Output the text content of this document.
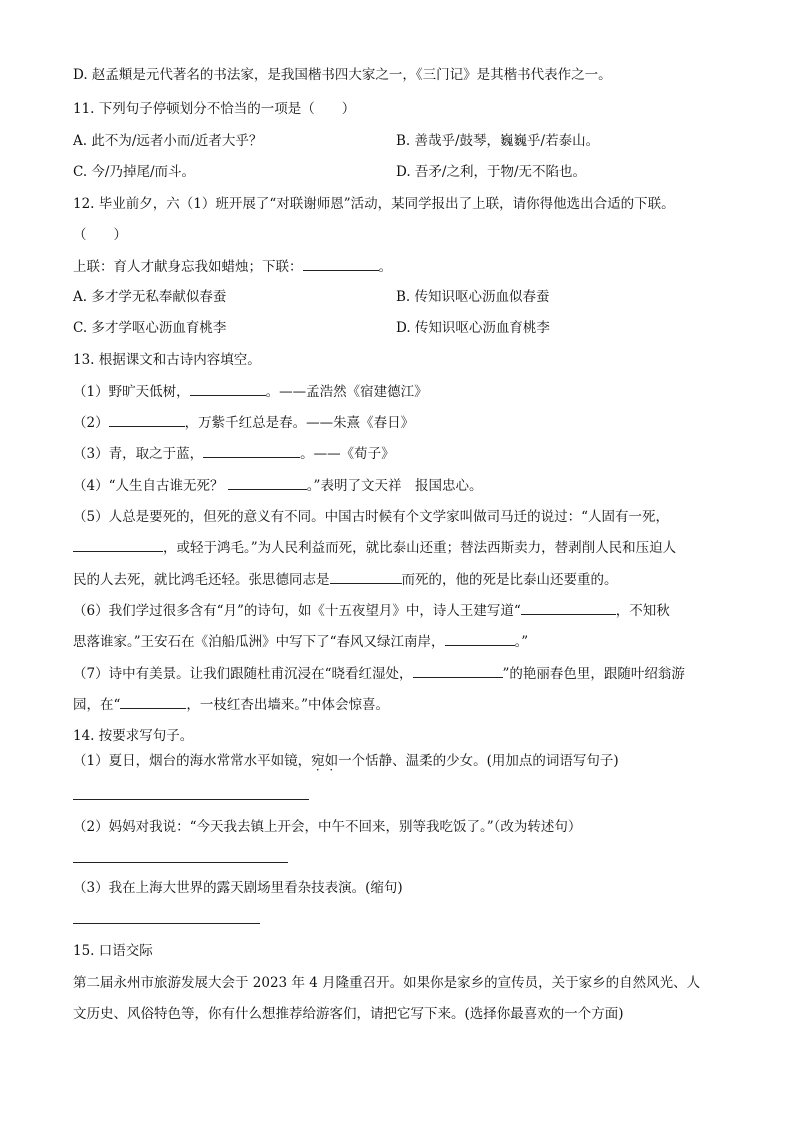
D. 赵孟頫是元代著名的书法家，是我国楷书四大家之一，《三门记》是其楷书代表作之一。
11. 下列句子停顿划分不恰当的一项是（　　）
A. 此不为/远者小而/近者大乎？	B. 善哉乎/鼓琴，巍巍乎/若泰山。
C. 今/乃掉尾/而斗。	D. 吾矛/之利，于物/无不陷也。
12. 毕业前夕，六（1）班开展了“对联谢师恩”活动，某同学报出了上联，请你得他选出合适的下联。
（　　）
上联：育人才献身忘我如蜡烛；下联：	。
A. 多才学无私奉献似春蚕	B. 传知识呕心沥血似春蚕
C. 多才学呕心沥血育桃李	D. 传知识呕心沥血育桃李
13. 根据课文和古诗内容填空。
（1）野旷天低树，	。——孟浩然《宿建德江》
（2）	，万紫千红总是春。——朱熹《春日》
（3）青，取之于蓝，	。——《荀子》
（4）“人生自古谁无死？	。”表明了文天祥　报国忠心。
（5）人总是要死的，但死的意义有不同。中国古时候有个文学家叫做司马迁的说过：“人固有一死，
，或轻于鸿毛。”为人民利益而死，就比泰山还重；替法西斯卖力，替剥削人民和压迫人
民的人去死，就比鸿毛还轻。张思德同志是	而死的，他的死是比泰山还要重的。
（6）我们学过很多含有“月”的诗句，如《十五夜望月》中，诗人王建写道“	，不知秋
思落谁家。”王安石在《泊船瓜洲》中写下了“春风又绿江南岸，	。”
（7）诗中有美景。让我们跟随杜甫沉浸在“晓看红湿处，	”的艳丽春色里，跟随叶绍翁游
园，在“	，一枝红杏出墙来。”中体会惊喜。
14. 按要求写句子。
（1）夏日，烟台的海水常常水平如镜，宛如一个恬静、温柔的少女。(用加点的词语写句子)
（2）妈妈对我说：“今天我去镇上开会，中午不回来，别等我吃饭了。”（改为转述句）
（3）我在上海大世界的露天剧场里看杂技表演。(缩句)
15. 口语交际
第二届永州市旅游发展大会于 2023 年 4 月隆重召开。如果你是家乡的宣传员，关于家乡的自然风光、人
文历史、风俗特色等，你有什么想推荐给游客们，请把它写下来。(选择你最喜欢的一个方面)
